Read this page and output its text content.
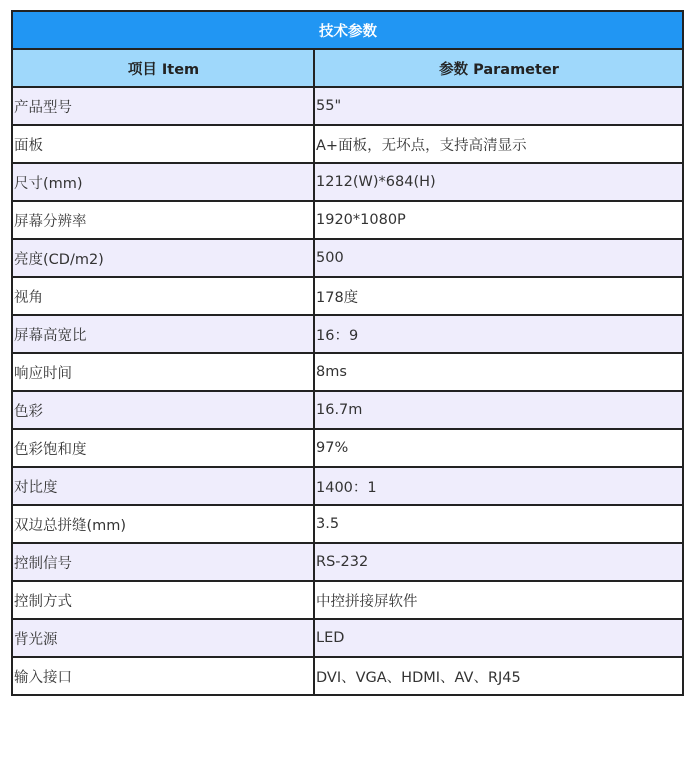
技术参数	
项目 Item	参数 Parameter
产品型号	55"
面板	A+面板，无坏点，支持高清显示
尺寸(mm)	1212(W)*684(H)
屏幕分辨率	1920*1080P
亮度(CD/m2)	500
视角	178度
屏幕高宽比	16：9
响应时间	8ms
色彩	16.7m
色彩饱和度	97%
对比度	1400：1
双边总拼缝(mm)	3.5
控制信号	RS-232
控制方式	中控拼接屏软件
背光源	LED
输入接口	DVI、VGA、HDMI、AV、RJ45
